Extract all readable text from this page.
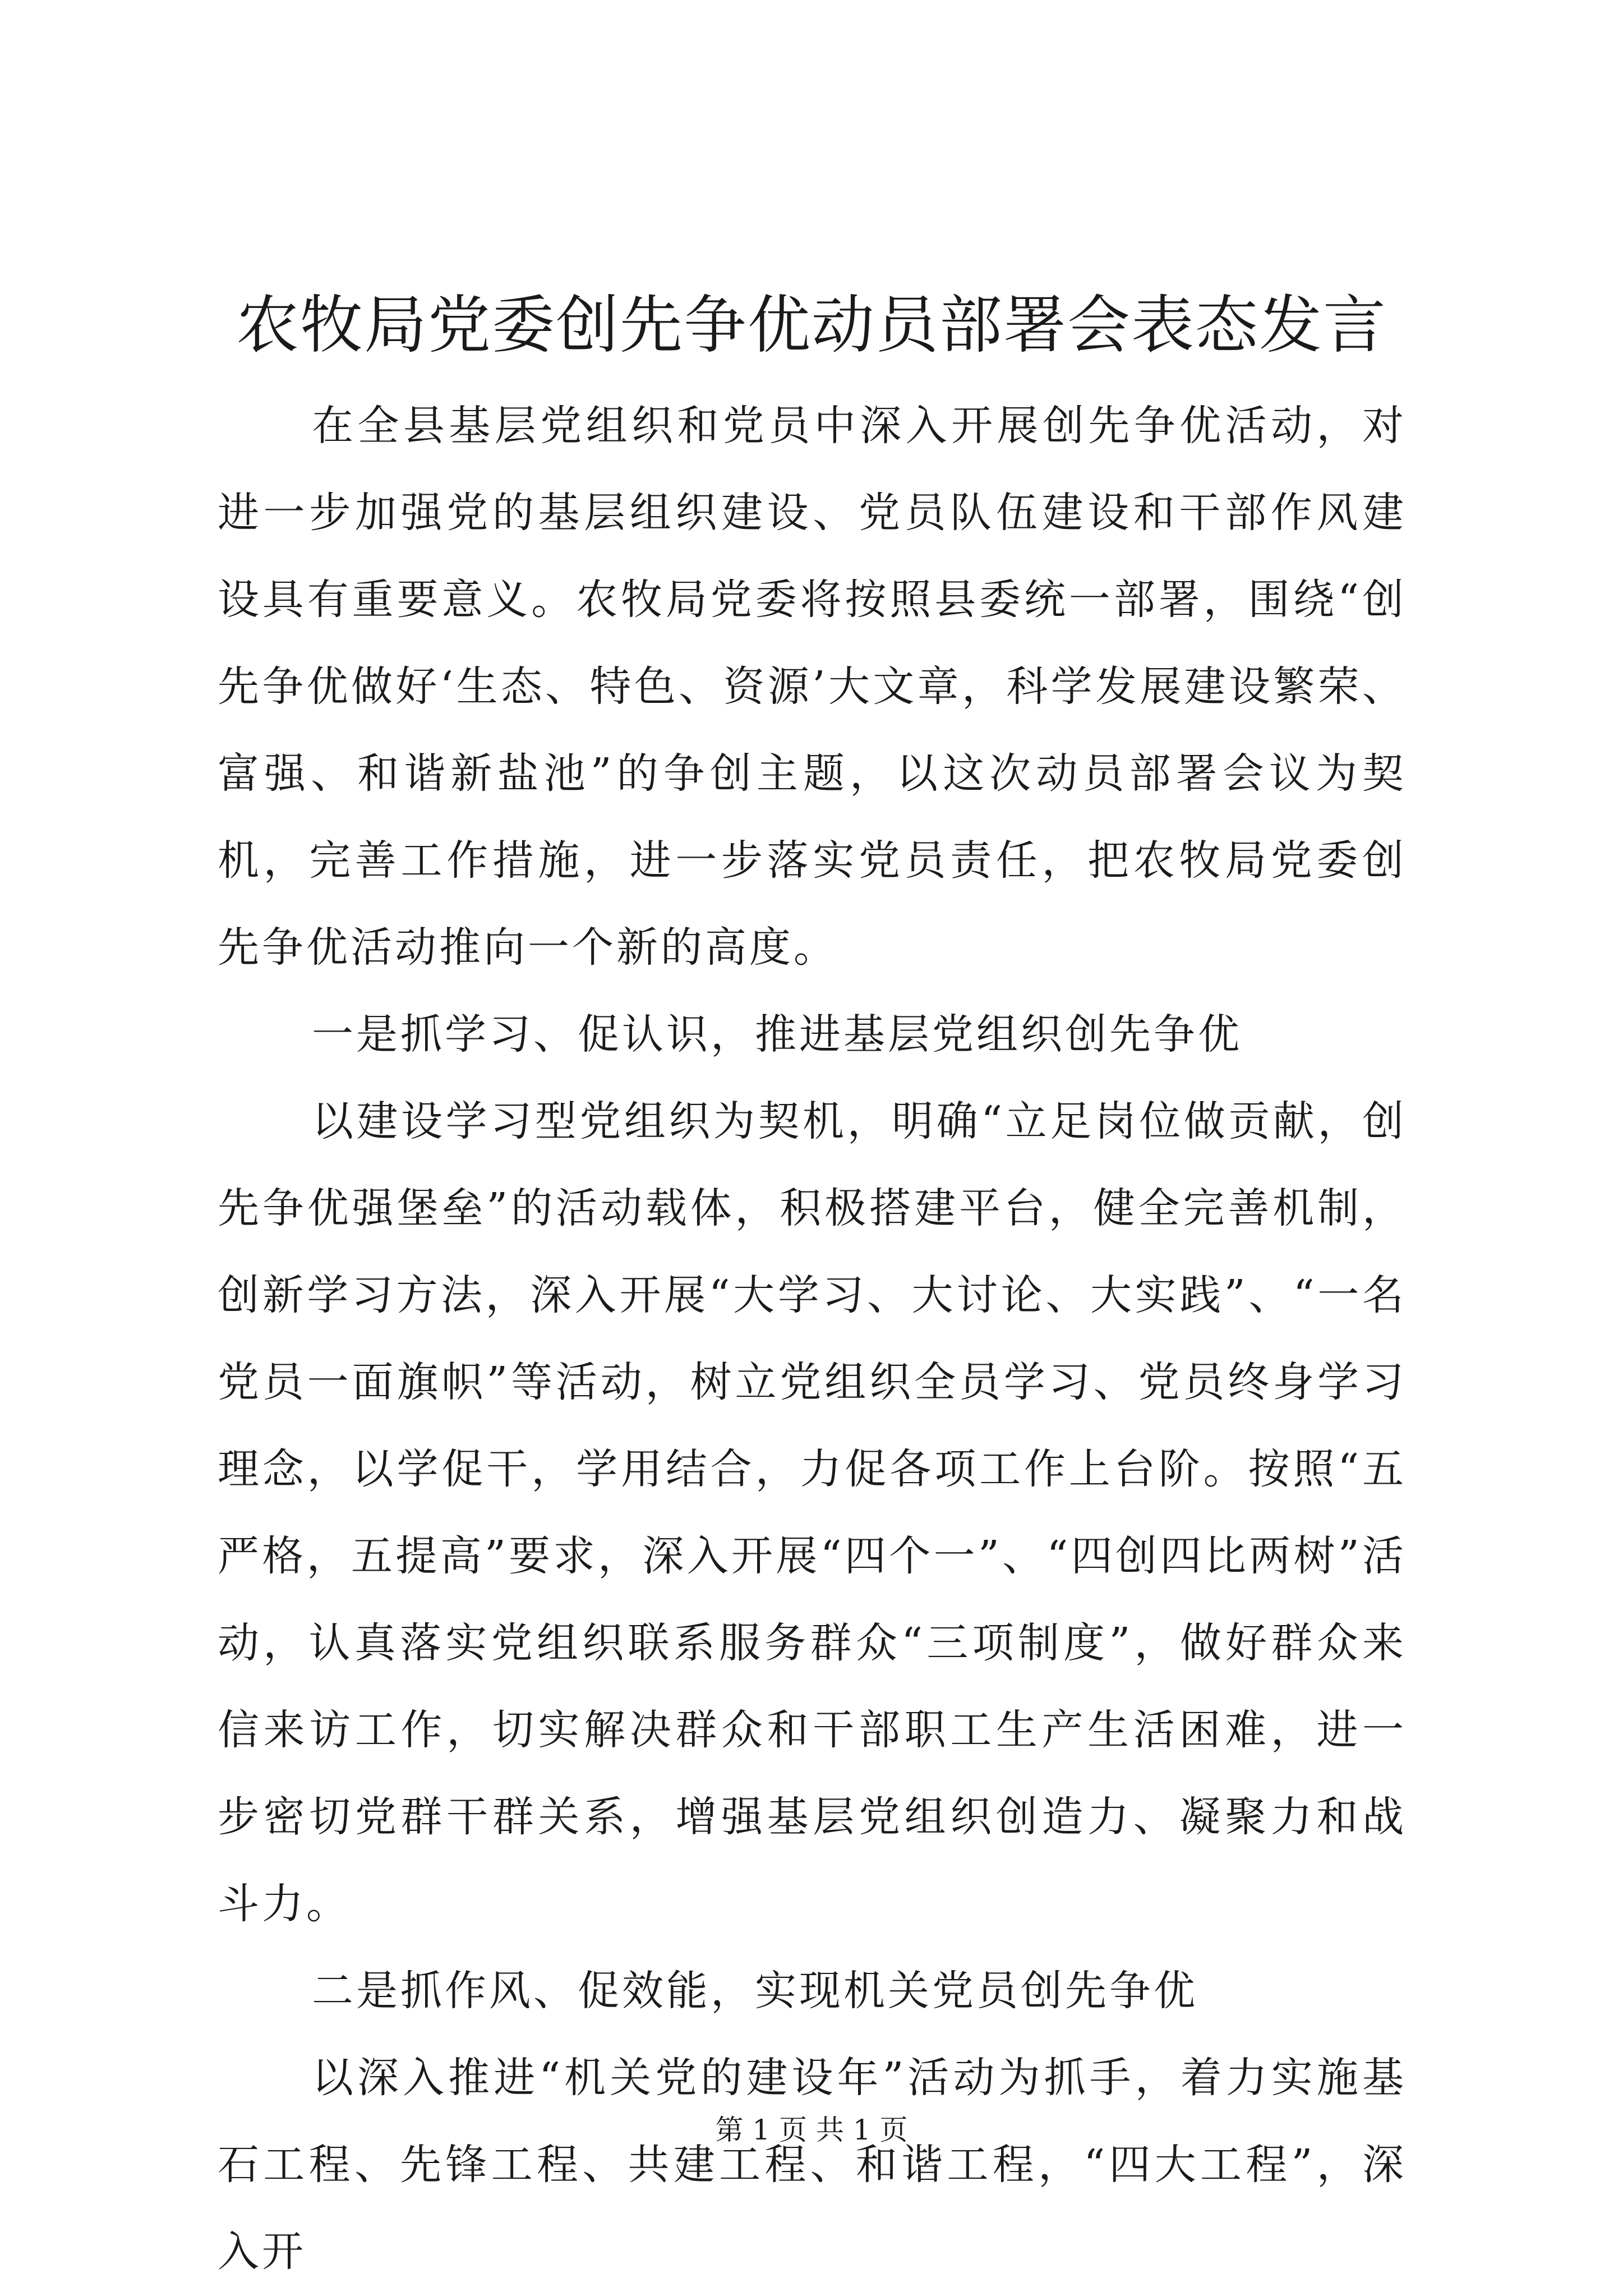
农牧局党委创先争优动员部署会表态发言

在全县基层党组织和党员中深入开展创先争优活动，对进一步加强党的基层组织建设、党员队伍建设和干部作风建设具有重要意义。农牧局党委将按照县委统一部署，围绕“创先争优做好‘生态、特色、资源’大文章，科学发展建设繁荣、富强、和谐新盐池”的争创主题，以这次动员部署会议为契机，完善工作措施，进一步落实党员责任，把农牧局党委创先争优活动推向一个新的高度。

一是抓学习、促认识，推进基层党组织创先争优

以建设学习型党组织为契机，明确“立足岗位做贡献，创先争优强堡垒”的活动载体，积极搭建平台，健全完善机制，创新学习方法，深入开展“大学习、大讨论、大实践”、“一名党员一面旗帜”等活动，树立党组织全员学习、党员终身学习理念，以学促干，学用结合，力促各项工作上台阶。按照“五严格，五提高”要求，深入开展“四个一”、“四创四比两树”活动，认真落实党组织联系服务群众“三项制度”，做好群众来信来访工作，切实解决群众和干部职工生产生活困难，进一步密切党群干群关系，增强基层党组织创造力、凝聚力和战斗力。

二是抓作风、促效能，实现机关党员创先争优

以深入推进“机关党的建设年”活动为抓手，着力实施基石工程、先锋工程、共建工程、和谐工程，“四大工程”，深入开

第 1 页 共 1 页
